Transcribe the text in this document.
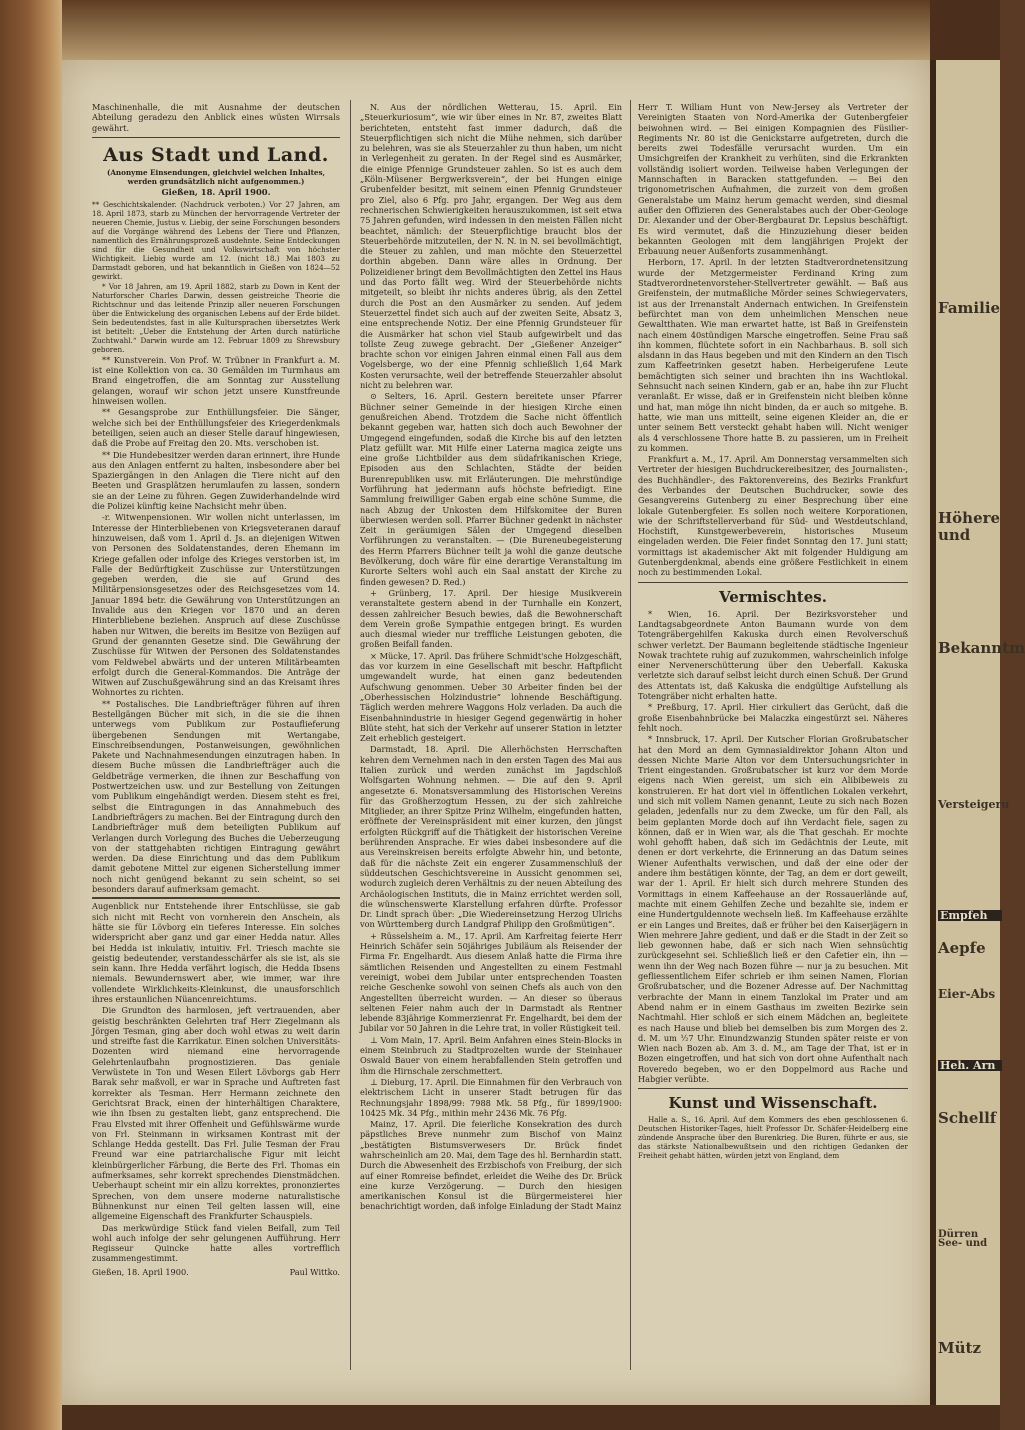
Maschinenhalle, die mit Ausnahme der deutschen Abteilung geradezu den Anblick eines wüsten Wirrsals gewährt.

Aus Stadt und Land.
(Anonyme Einsendungen, gleichviel welchen Inhaltes, werden grundsätzlich nicht aufgenommen.)
Gießen, 18. April 1900.

** Geschichtskalender. (Nachdruck verboten.) Vor 27 Jahren, am 18. April 1873, starb zu München der hervorragende Vertreter der neueren Chemie, Justus v. Liebig, der seine Forschungen besonders auf die Vorgänge während des Lebens der Tiere und Pflanzen, namentlich des Ernährungsprozeß ausdehnte. Seine Entdeckungen sind für die Gesundheit und Volkswirtschaft von höchster Wichtigkeit. Liebig wurde am 12. (nicht 18.) Mai 1803 zu Darmstadt geboren, und hat bekanntlich in Gießen von 1824—52 gewirkt.

* Vor 18 Jahren, am 19. April 1882, starb zu Down in Kent der Naturforscher Charles Darwin, dessen geistreiche Theorie die Richtschnur und das leitende Prinzip aller neueren Forschungen über die Entwickelung des organischen Lebens auf der Erde bildet. Sein bedeutendstes, fast in alle Kultursprachen übersetztes Werk ist betitelt: „Ueber die Entstehung der Arten durch natürliche Zuchtwahl.“ Darwin wurde am 12. Februar 1809 zu Shrewsbury geboren.

** Kunstverein. Von Prof. W. Trübner in Frankfurt a. M. ist eine Kollektion von ca. 30 Gemälden im Turmhaus am Brand eingetroffen, die am Sonntag zur Ausstellung gelangen, worauf wir schon jetzt unsere Kunstfreunde hinweisen wollen.

** Gesangsprobe zur Enthüllungsfeier. Die Sänger, welche sich bei der Enthüllungsfeier des Kriegerdenkmals beteiligen, seien auch an dieser Stelle darauf hingewiesen, daß die Probe auf Freitag den 20. Mts. verschoben ist.

** Die Hundebesitzer werden daran erinnert, ihre Hunde aus den Anlagen entfernt zu halten, insbesondere aber bei Spaziergängen in den Anlagen die Tiere nicht auf den Beeten und Grasplätzen herumlaufen zu lassen, sondern sie an der Leine zu führen. Gegen Zuwiderhandelnde wird die Polizei künftig keine Nachsicht mehr üben.

-r. Witwenpensionen. Wir wollen nicht unterlassen, im Interesse der Hinterbliebenen von Kriegsveteranen darauf hinzuweisen, daß vom 1. April d. Js. an diejenigen Witwen von Personen des Soldatenstandes, deren Ehemann im Kriege gefallen oder infolge des Krieges verstorben ist, im Falle der Bedürftigkeit Zuschüsse zur Unterstützungen gegeben werden, die sie auf Grund des Militärpensionsgesetzes oder des Reichsgesetzes vom 14. Januar 1894 betr. die Gewährung von Unterstützungen an Invalide aus den Kriegen vor 1870 und an deren Hinterbliebene beziehen. Anspruch auf diese Zuschüsse haben nur Witwen, die bereits im Besitze von Bezügen auf Grund der genannten Gesetze sind. Die Gewährung der Zuschüsse für Witwen der Personen des Soldatenstandes vom Feldwebel abwärts und der unteren Militärbeamten erfolgt durch die General-Kommandos. Die Anträge der Witwen auf Zuschußgewährung sind an das Kreisamt ihres Wohnortes zu richten.

** Postalisches. Die Landbriefträger führen auf ihren Bestellgängen Bücher mit sich, in die sie die ihnen unterwegs vom Publikum zur Postauflieferung übergebenen Sendungen mit Wertangabe, Einschreibsendungen, Postanweisungen, gewöhnlichen Pakete und Nachnahmesendungen einzutragen haben. In diesem Buche müssen die Landbriefträger auch die Geldbeträge vermerken, die ihnen zur Beschaffung von Postwertzeichen usw. und zur Bestellung von Zeitungen vom Publikum eingehändigt werden. Diesem steht es frei, selbst die Eintragungen in das Annahmebuch des Landbriefträgers zu machen. Bei der Eintragung durch den Landbriefträger muß dem beteiligten Publikum auf Verlangen durch Vorlegung des Buches die Ueberzeugung von der stattgehabten richtigen Eintragung gewährt werden. Da diese Einrichtung und das dem Publikum damit gebotene Mittel zur eigenen Sicherstellung immer noch nicht genügend bekannt zu sein scheint, so sei besonders darauf aufmerksam gemacht.

Augenblick nur Entstehende ihrer Entschlüsse, sie gab sich nicht mit Recht von vornherein den Anschein, als hätte sie für Lövborg ein tieferes Interesse. Ein solches widerspricht aber ganz und gar einer Hedda natur. Alles bei Hedda ist inkulativ, intuitiv. Frl. Triesch machte sie geistig bedeutender, verstandesschärfer als sie ist, als sie sein kann. Ihre Hedda verfährt logisch, die Hedda Ibsens niemals. Bewundernswert aber, wie immer, war ihre vollendete Wirklichkeits-Kleinkunst, die unausforschlich ihres erstaunlichen Nüancenreichtums.

Die Grundton des harmlosen, jeft vertrauenden, aber geistig beschränkten Gelehrten traf Herr Ziegelmann als Jörgen Tesman, ging aber doch wohl etwas zu weit darin und streifte fast die Karrikatur. Einen solchen Universitäts-Dozenten wird niemand eine hervorragende Gelehrtenlaufbahn prognostizieren. Das geniale Verwüstete in Ton und Wesen Eilert Lövborgs gab Herr Barak sehr maßvoll, er war in Sprache und Auftreten fast korrekter als Tesman. Herr Hermann zeichnete den Gerichtsrat Brack, einen der hinterhältigen Charaktere, wie ihn Ibsen zu gestalten liebt, ganz entsprechend. Die Frau Elvsted mit ihrer Offenheit und Gefühlswärme wurde von Frl. Steinmann in wirksamen Kontrast mit der Schlange Hedda gestellt. Das Frl. Julie Tesman der Frau Freund war eine patriarchalische Figur mit leicht kleinbürgerlicher Färbung, die Berte des Frl. Thomas ein aufmerksames, sehr korrekt sprechendes Dienstmädchen. Ueberhaupt scheint mir ein allzu korrektes, prononziertes Sprechen, von dem unsere moderne naturalistische Bühnenkunst nur einen Teil gelten lassen will, eine allgemeine Eigenschaft des Frankfurter Schauspiels.

Das merkwürdige Stück fand vielen Beifall, zum Teil wohl auch infolge der sehr gelungenen Aufführung. Herr Regisseur Quincke hatte alles vortrefflich zusammengestimmt.

Gießen, 18. April 1900.	Paul Wittko.

N. Aus der nördlichen Wetterau, 15. April. Ein „Steuerkuriosum“, wie wir über eines in Nr. 87, zweites Blatt berichteten, entsteht fast immer dadurch, daß die Steuerpflichtigen sich nicht die Mühe nehmen, sich darüber zu belehren, was sie als Steuerzahler zu thun haben, um nicht in Verlegenheit zu geraten. In der Regel sind es Ausmärker, die einige Pfennige Grundsteuer zahlen. So ist es auch dem „Köln-Müsener Bergwerksverein“, der bei Hungen einige Grubenfelder besitzt, mit seinem einen Pfennig Grundsteuer pro Ziel, also 6 Pfg. pro Jahr, ergangen. Der Weg aus dem rechnerischen Schwierigkeiten herauszukommen, ist seit etwa 75 Jahren gefunden, wird indessen in den meisten Fällen nicht beachtet, nämlich: der Steuerpflichtige braucht blos der Steuerbehörde mitzuteilen, der N. N. in N. sei bevollmächtigt, die Steuer zu zahlen, und man möchte den Steuerzettel dorthin abgeben. Dann wäre alles in Ordnung. Der Polizeidiener bringt dem Bevollmächtigten den Zettel ins Haus und das Porto fällt weg. Wird der Steuerbehörde nichts mitgeteilt, so bleibt ihr nichts anderes übrig, als den Zettel durch die Post an den Ausmärker zu senden. Auf jedem Steuerzettel findet sich auch auf der zweiten Seite, Absatz 3, eine entsprechende Notiz. Der eine Pfennig Grundsteuer für die Ausmärker hat schon viel Staub aufgewirbelt und das tollste Zeug zuwege gebracht. Der „Gießener Anzeiger“ brachte schon vor einigen Jahren einmal einen Fall aus dem Vogelsberge, wo der eine Pfennig schließlich 1,64 Mark Kosten verursachte, weil der betreffende Steuerzahler absolut nicht zu belehren war.

⊙ Selters, 16. April. Gestern bereitete unser Pfarrer Büchner seiner Gemeinde in der hiesigen Kirche einen genußreichen Abend. Trotzdem die Sache nicht öffentlich bekannt gegeben war, hatten sich doch auch Bewohner der Umgegend eingefunden, sodaß die Kirche bis auf den letzten Platz gefüllt war. Mit Hilfe einer Laterna magica zeigte uns eine große Lichtbilder aus dem südafrikanischen Kriege, Episoden aus den Schlachten, Städte der beiden Burenrepubliken usw. mit Erläuterungen. Die mehrstündige Vorführung hat jedermann aufs höchste befriedigt. Eine Sammlung freiwilliger Gaben ergab eine schöne Summe, die nach Abzug der Unkosten dem Hilfskomitee der Buren überwiesen werden soll. Pfarrer Büchner gedenkt in nächster Zeit in geräumigen Sälen der Umgegend dieselben Vorführungen zu veranstalten. — (Die Bureneubegeisterung des Herrn Pfarrers Büchner teilt ja wohl die ganze deutsche Bevölkerung, doch wäre für eine derartige Veranstaltung im Kurorte Selters wohl auch ein Saal anstatt der Kirche zu finden gewesen? D. Red.)

+ Grünberg, 17. April. Der hiesige Musikverein veranstaltete gestern abend in der Turnhalle ein Konzert, dessen zahlreicher Besuch bewies, daß die Bewohnerschaft dem Verein große Sympathie entgegen bringt. Es wurden auch diesmal wieder nur treffliche Leistungen geboten, die großen Beifall fanden.

× Mücke, 17. April. Das frühere Schmidt'sche Holzgeschäft, das vor kurzem in eine Gesellschaft mit beschr. Haftpflicht umgewandelt wurde, hat einen ganz bedeutenden Aufschwung genommen. Ueber 30 Arbeiter finden bei der „Oberhessischen Holzindustrie“ lohnende Beschäftigung. Täglich werden mehrere Waggons Holz verladen. Da auch die Eisenbahnindustrie in hiesiger Gegend gegenwärtig in hoher Blüte steht, hat sich der Verkehr auf unserer Station in letzter Zeit erheblich gesteigert.

Darmstadt, 18. April. Die Allerhöchsten Herrschaften kehren dem Vernehmen nach in den ersten Tagen des Mai aus Italien zurück und werden zunächst im Jagdschloß Wolfsgarten Wohnung nehmen. — Die auf den 9. April angesetzte 6. Monatsversammlung des Historischen Vereins für das Großherzogtum Hessen, zu der sich zahlreiche Mitglieder, an ihrer Spitze Prinz Wilhelm, eingefunden hatten, eröffnete der Vereinspräsident mit einer kurzen, den jüngst erfolgten Rückgriff auf die Thätigkeit der historischen Vereine berührenden Ansprache. Er wies dabei insbesondere auf die aus Vereinskreisen bereits erfolgte Abwehr hin, und betonte, daß für die nächste Zeit ein engerer Zusammenschluß der süddeutschen Geschichtsvereine in Aussicht genommen sei, wodurch zugleich deren Verhältnis zu der neuen Abteilung des Archäologischen Instituts, die in Mainz errichtet werden soll, die wünschenswerte Klarstellung erfahren dürfte. Professor Dr. Lindt sprach über: „Die Wiedereinsetzung Herzog Ulrichs von Württemberg durch Landgraf Philipp den Großmütigen“.

+ Rüsselsheim a. M., 17. April. Am Karfreitag feierte Herr Heinrich Schäfer sein 50jähriges Jubiläum als Reisender der Firma Fr. Engelhardt. Aus diesem Anlaß hatte die Firma ihre sämtlichen Reisenden und Angestellten zu einem Festmahl vereinigt, wobei dem Jubilar unter entsprechenden Toasten reiche Geschenke sowohl von seinen Chefs als auch von den Angestellten überreicht wurden. — An dieser so überaus seltenen Feier nahm auch der in Darmstadt als Rentner lebende 83jährige Kommerzienrat Fr. Engelhardt, bei dem der Jubilar vor 50 Jahren in die Lehre trat, in voller Rüstigkeit teil.

⊥ Vom Main, 17. April. Beim Anfahren eines Stein-Blocks in einem Steinbruch zu Stadtprozelten wurde der Steinhauer Oswald Bauer von einem herabfallenden Stein getroffen und ihm die Hirnschale zerschmettert.

⊥ Dieburg, 17. April. Die Einnahmen für den Verbrauch von elektrischem Licht in unserer Stadt betrugen für das Rechnungsjahr 1898/99: 7988 Mk. 58 Pfg., für 1899/1900: 10425 Mk. 34 Pfg., mithin mehr 2436 Mk. 76 Pfg.

Mainz, 17. April. Die feierliche Konsekration des durch päpstliches Breve nunmehr zum Bischof von Mainz „bestätigten Bistumsverwesers Dr. Brück findet wahrscheinlich am 20. Mai, dem Tage des hl. Bernhardin statt. Durch die Abwesenheit des Erzbischofs von Freiburg, der sich auf einer Romreise befindet, erleidet die Weihe des Dr. Brück eine kurze Verzögerung. — Durch den hiesigen amerikanischen Konsul ist die Bürgermeisterei hier benachrichtigt worden, daß infolge Einladung der Stadt Mainz

Herr T. William Hunt von New-Jersey als Vertreter der Vereinigten Staaten von Nord-Amerika der Gutenbergfeier beiwohnen wird. — Bei einigen Kompagnien des Füsilier-Regiments Nr. 80 ist die Genickstarre aufgetreten, durch die bereits zwei Todesfälle verursacht wurden. Um ein Umsichgreifen der Krankheit zu verhüten, sind die Erkrankten vollständig isoliert worden. Teilweise haben Verlegungen der Mannschaften in Baracken stattgefunden. — Bei den trigonometrischen Aufnahmen, die zurzeit von dem großen Generalstabe um Mainz herum gemacht werden, sind diesmal außer den Offizieren des Generalstabes auch der Ober-Geologe Dr. Alexander und der Ober-Bergbaurat Dr. Lepsius beschäftigt. Es wird vermutet, daß die Hinzuziehung dieser beiden bekannten Geologen mit dem langjährigen Projekt der Erbauung neuer Außenforts zusammenhängt.

Herborn, 17. April. In der letzten Stadtverordnetensitzung wurde der Metzgermeister Ferdinand Kring zum Stadtverordnetenvorsteher-Stellvertreter gewählt. — Baß aus Greifenstein, der mutmaßliche Mörder seines Schwiegervaters, ist aus der Irrenanstalt Andernach entwichen. In Greifenstein befürchtet man von dem unheimlichen Menschen neue Gewaltthaten. Wie man erwartet hatte, ist Baß in Greifenstein nach einem 40stündigen Marsche eingetroffen. Seine Frau saß ihn kommen, flüchtete sofort in ein Nachbarhaus. B. soll sich alsdann in das Haus begeben und mit den Kindern an den Tisch zum Kaffeetrinken gesetzt haben. Herbeigerufene Leute bemächtigten sich seiner und brachten ihn ins Wachtlokal. Sehnsucht nach seinen Kindern, gab er an, habe ihn zur Flucht veranlaßt. Er wisse, daß er in Greifenstein nicht bleiben könne und hat, man möge ihn nicht binden, da er auch so mitgehe. B. hatte, wie man uns mitteilt, seine eigenen Kleider an, die er unter seinem Bett versteckt gehabt haben will. Nicht weniger als 4 verschlossene Thore hatte B. zu passieren, um in Freiheit zu kommen.

Frankfurt a. M., 17. April. Am Donnerstag versammelten sich Vertreter der hiesigen Buchdruckereibesitzer, des Journalisten-, des Buchhändler-, des Faktorenvereins, des Bezirks Frankfurt des Verbandes der Deutschen Buchdrucker, sowie des Gesangvereins Gutenberg zu einer Besprechung über eine lokale Gutenbergfeier. Es sollen noch weitere Korporationen, wie der Schriftstellerverband für Süd- und Westdeutschland, Hochstift, Kunstgewerbeverein, historisches Museum eingeladen werden. Die Feier findet Sonntag den 17. Juni statt; vormittags ist akademischer Akt mit folgender Huldigung am Gutenbergdenkmal, abends eine größere Festlichkeit in einem noch zu bestimmenden Lokal.

Vermischtes.

* Wien, 16. April. Der Bezirksvorsteher und Landtagsabgeordnete Anton Baumann wurde von dem Totengräbergehilfen Kakuska durch einen Revolverschuß schwer verletzt. Der Baumann begleitende städtische Ingenieur Nowak trachtete ruhig auf zuzukommen, wahrscheinlich infolge einer Nervenerschütterung über den Ueberfall. Kakuska verletzte sich darauf selbst leicht durch einen Schuß. Der Grund des Attentats ist, daß Kakuska die endgültige Aufstellung als Totengräber nicht erhalten hatte.

* Preßburg, 17. April. Hier cirkuliert das Gerücht, daß die große Eisenbahnbrücke bei Malaczka eingestürzt sei. Näheres fehlt noch.

* Innsbruck, 17. April. Der Kutscher Florian Großrubatscher hat den Mord an dem Gymnasialdirektor Johann Alton und dessen Nichte Marie Alton vor dem Untersuchungsrichter in Trient eingestanden. Großrubatscher ist kurz vor dem Morde eigens nach Wien gereist, um sich ein Alibibeweis zu konstruieren. Er hat dort viel in öffentlichen Lokalen verkehrt, und sich mit vollem Namen genannt, Leute zu sich nach Bozen geladen, jedenfalls nur zu dem Zwecke, um für den Fall, als beim geplanten Morde doch auf ihn Verdacht fiele, sagen zu können, daß er in Wien war, als die That geschah. Er mochte wohl gehofft haben, daß sich im Gedächtnis der Leute, mit denen er dort verkehrte, die Erinnerung an das Datum seines Wiener Aufenthalts verwischen, und daß der eine oder der andere ihm bestätigen könnte, der Tag, an dem er dort geweilt, war der 1. April. Er hielt sich durch mehrere Stunden des Vormittags in einem Kaffeehause an der Rossauerlände auf, machte mit einem Gehilfen Zeche und bezahlte sie, indem er eine Hundertguldennote wechseln ließ. Im Kaffeehause erzählte er ein Langes und Breites, daß er früher bei den Kaiserjägern in Wien mehrere Jahre gedient, und daß er die Stadt in der Zeit so lieb gewonnen habe, daß er sich nach Wien sehnsüchtig zurückgesehnt sei. Schließlich ließ er den Cafetier ein, ihn — wenn ihn der Weg nach Bozen führe — nur ja zu besuchen. Mit gefliessentlichem Eifer schrieb er ihm seinen Namen, Florian Großrubatscher, und die Bozener Adresse auf. Der Nachmittag verbrachte der Mann in einem Tanzlokal im Prater und am Abend nahm er in einem Gasthaus im zweiten Bezirke sein Nachtmahl. Hier schloß er sich einem Mädchen an, begleitete es nach Hause und blieb bei demselben bis zum Morgen des 2. d. M. um ½7 Uhr. Einundzwanzig Stunden später reiste er von Wien nach Bozen ab. Am 3. d. M., am Tage der That, ist er in Bozen eingetroffen, und hat sich von dort ohne Aufenthalt nach Roveredo begeben, wo er den Doppelmord aus Rache und Habgier verübte.

Kunst und Wissenschaft.

Halle a. S., 16. April. Auf dem Kommers des eben geschlossenen 6. Deutschen Historiker-Tages, hielt Professor Dr. Schäfer-Heidelberg eine zündende Ansprache über den Burenkrieg. Die Buren, führte er aus, sie das stärkste Nationalbewußtsein und den richtigen Gedanken der Freiheit gehabt hätten, würden jetzt von England, dem

Familie
Höhere und
Bekanntm
Versteigeru
Empfeh
Aepfe
Eier-Abs
Heh. Arn
Schellf
Dürren See- und
Mütz
